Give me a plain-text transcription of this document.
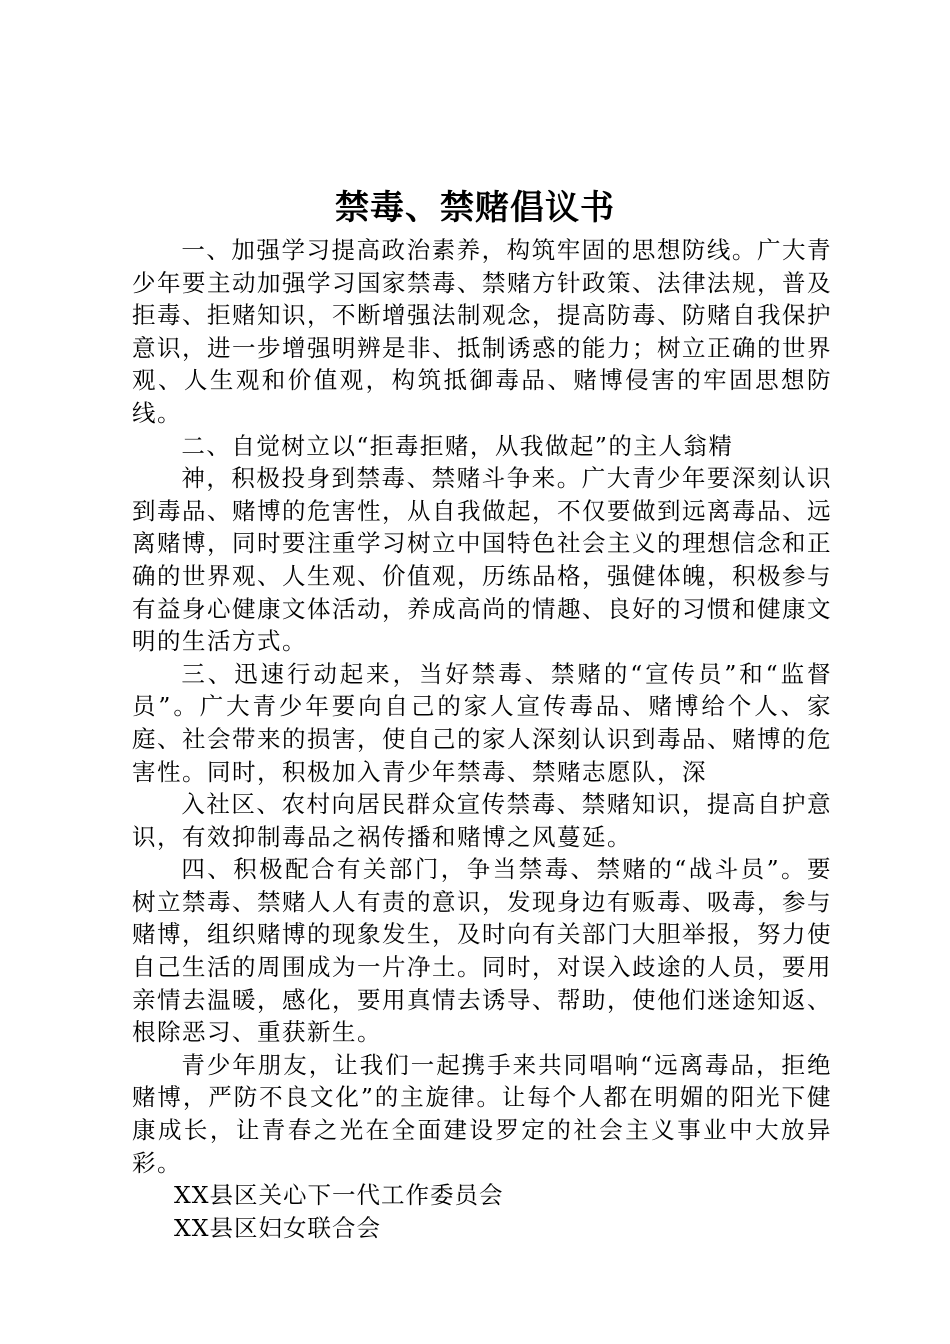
禁毒、禁赌倡议书

一、加强学习提高政治素养，构筑牢固的思想防线。广大青少年要主动加强学习国家禁毒、禁赌方针政策、法律法规，普及拒毒、拒赌知识，不断增强法制观念，提高防毒、防赌自我保护意识，进一步增强明辨是非、抵制诱惑的能力；树立正确的世界观、人生观和价值观，构筑抵御毒品、赌博侵害的牢固思想防线。

二、自觉树立以“拒毒拒赌，从我做起”的主人翁精

神，积极投身到禁毒、禁赌斗争来。广大青少年要深刻认识到毒品、赌博的危害性，从自我做起，不仅要做到远离毒品、远离赌博，同时要注重学习树立中国特色社会主义的理想信念和正确的世界观、人生观、价值观，历练品格，强健体魄，积极参与有益身心健康文体活动，养成高尚的情趣、良好的习惯和健康文明的生活方式。

三、迅速行动起来，当好禁毒、禁赌的“宣传员”和“监督员”。广大青少年要向自己的家人宣传毒品、赌博给个人、家庭、社会带来的损害，使自己的家人深刻认识到毒品、赌博的危害性。同时，积极加入青少年禁毒、禁赌志愿队，深

入社区、农村向居民群众宣传禁毒、禁赌知识，提高自护意识，有效抑制毒品之祸传播和赌博之风蔓延。

四、积极配合有关部门，争当禁毒、禁赌的“战斗员”。要树立禁毒、禁赌人人有责的意识，发现身边有贩毒、吸毒，参与赌博，组织赌博的现象发生，及时向有关部门大胆举报，努力使自己生活的周围成为一片净土。同时，对误入歧途的人员，要用亲情去温暖，感化，要用真情去诱导、帮助，使他们迷途知返、根除恶习、重获新生。

青少年朋友，让我们一起携手来共同唱响“远离毒品，拒绝赌博，严防不良文化”的主旋律。让每个人都在明媚的阳光下健康成长，让青春之光在全面建设罗定的社会主义事业中大放异彩。

XX县区关心下一代工作委员会

XX县区妇女联合会
